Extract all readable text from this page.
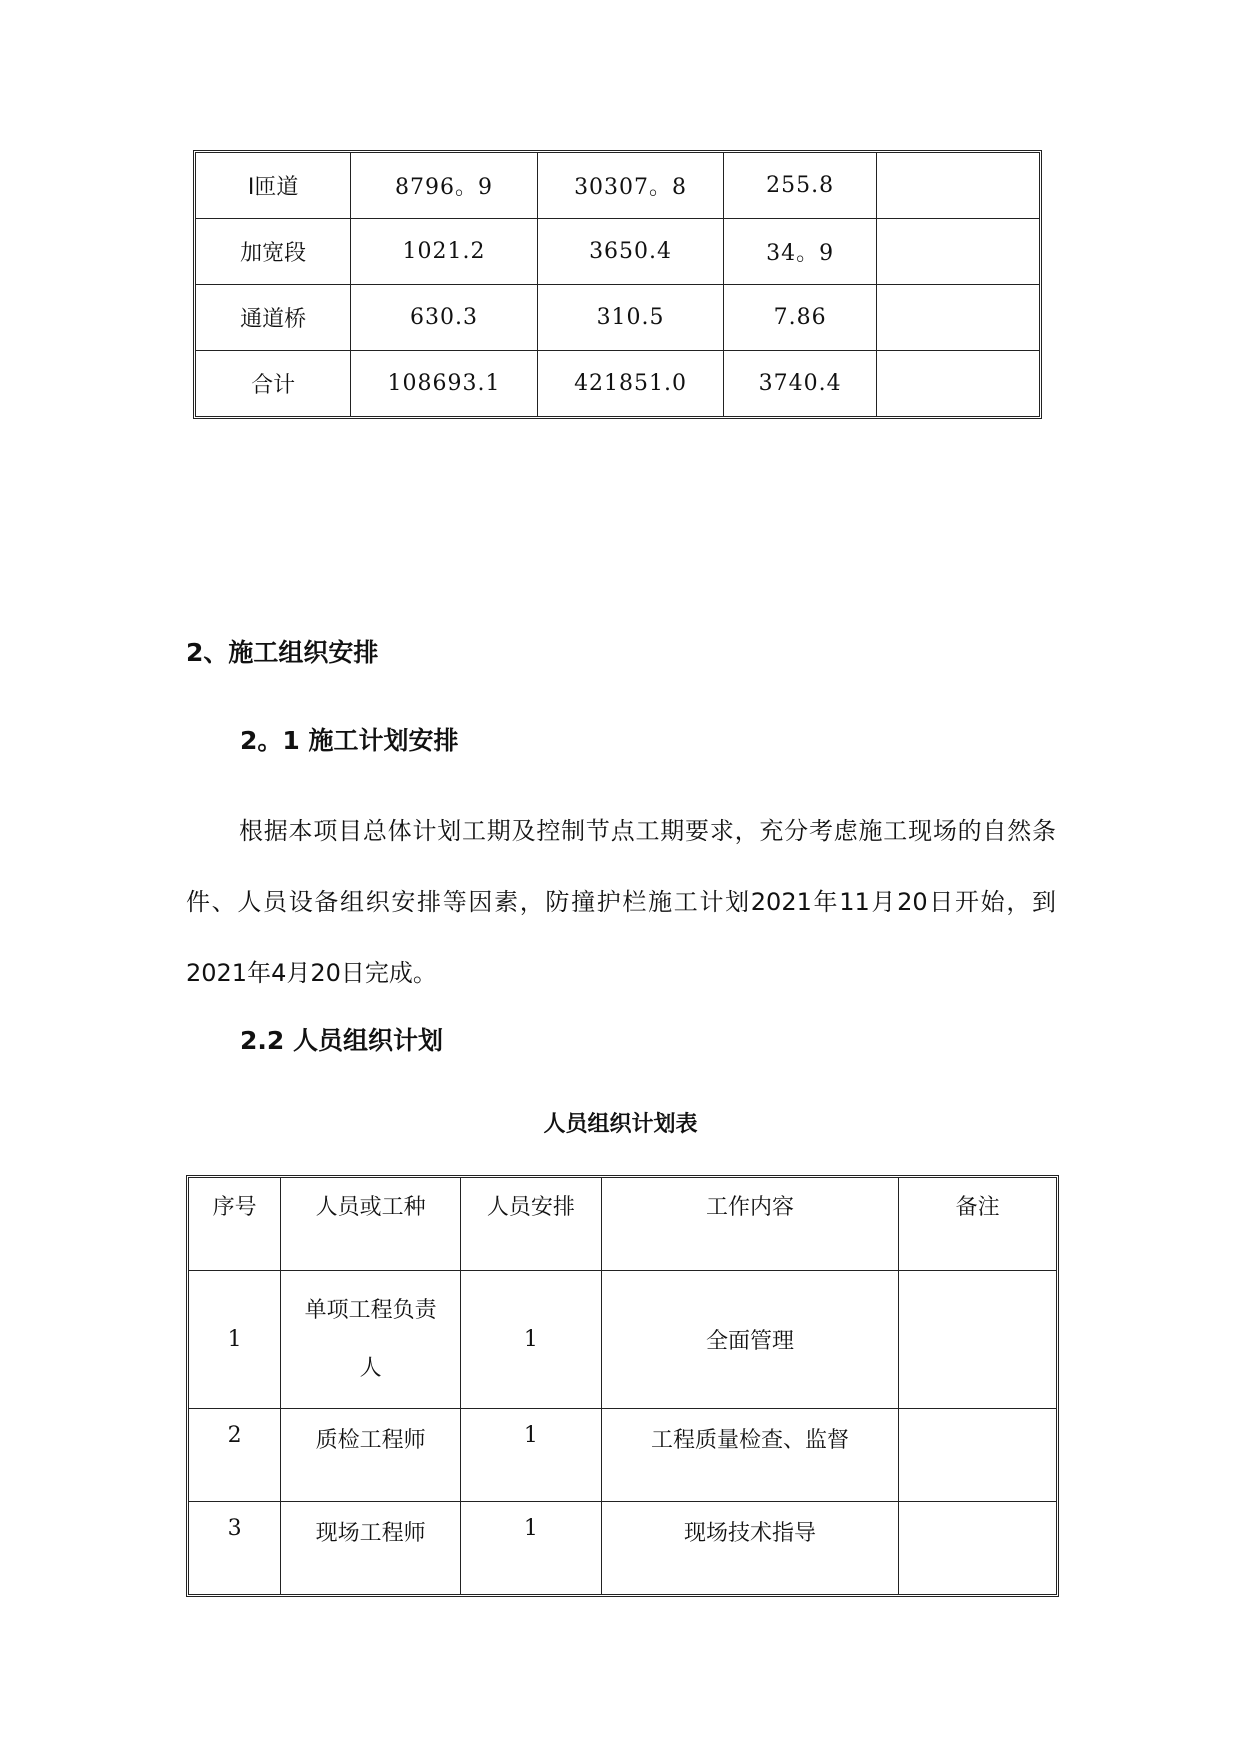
I匝道	8796。9	30307。8	255.8	
加宽段	1021.2	3650.4	34。9	
通道桥	630.3	310.5	7.86	
合计	108693.1	421851.0	3740.4	
2、施工组织安排
2。1 施工计划安排
根据本项目总体计划工期及控制节点工期要求，充分考虑施工现场的自然条件、人员设备组织安排等因素，防撞护栏施工计划2021年11月20日开始，到2021年4月20日完成。
2.2 人员组织计划
人员组织计划表
序号	人员或工种	人员安排	工作内容	备注
1	单项工程负责人	1	全面管理	
2	质检工程师	1	工程质量检查、监督	
3	现场工程师	1	现场技术指导	
